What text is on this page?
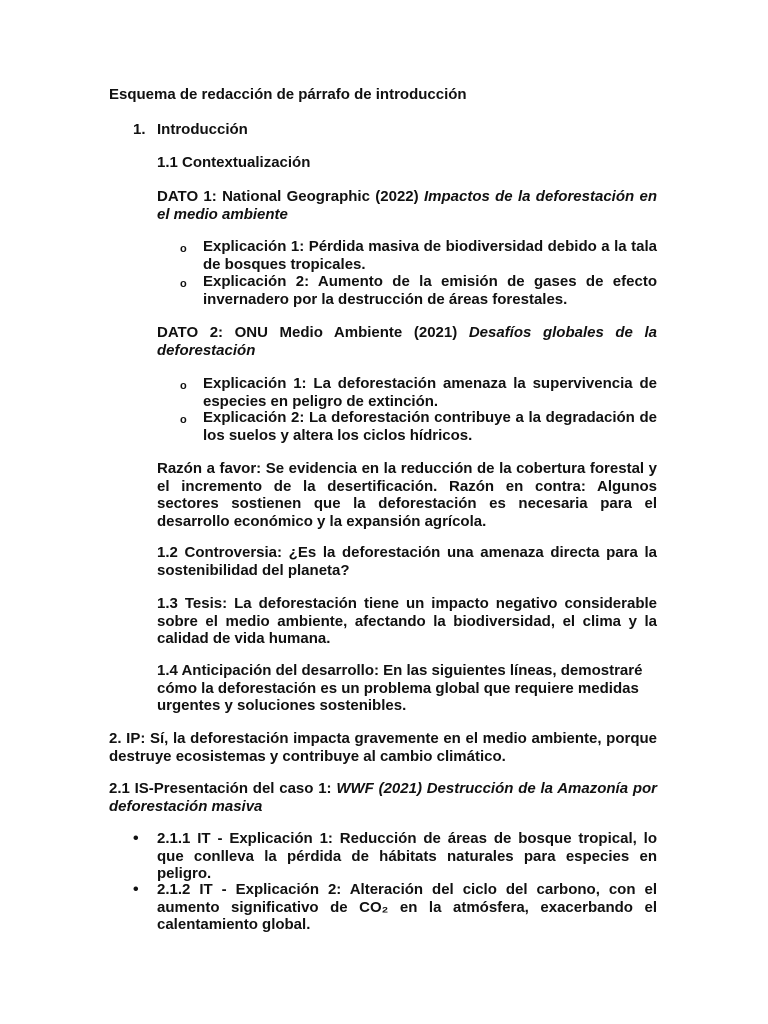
Esquema de redacción de párrafo de introducción
1. Introducción
1.1 Contextualización
DATO 1: National Geographic (2022) Impactos de la deforestación en el medio ambiente
o Explicación 1: Pérdida masiva de biodiversidad debido a la tala de bosques tropicales.
o Explicación 2: Aumento de la emisión de gases de efecto invernadero por la destrucción de áreas forestales.
DATO 2: ONU Medio Ambiente (2021) Desafíos globales de la deforestación
o Explicación 1: La deforestación amenaza la supervivencia de especies en peligro de extinción.
o Explicación 2: La deforestación contribuye a la degradación de los suelos y altera los ciclos hídricos.
Razón a favor: Se evidencia en la reducción de la cobertura forestal y el incremento de la desertificación. Razón en contra: Algunos sectores sostienen que la deforestación es necesaria para el desarrollo económico y la expansión agrícola.
1.2 Controversia: ¿Es la deforestación una amenaza directa para la sostenibilidad del planeta?
1.3 Tesis: La deforestación tiene un impacto negativo considerable sobre el medio ambiente, afectando la biodiversidad, el clima y la calidad de vida humana.
1.4 Anticipación del desarrollo: En las siguientes líneas, demostraré cómo la deforestación es un problema global que requiere medidas urgentes y soluciones sostenibles.
2. IP: Sí, la deforestación impacta gravemente en el medio ambiente, porque destruye ecosistemas y contribuye al cambio climático.
2.1 IS-Presentación del caso 1: WWF (2021) Destrucción de la Amazonía por deforestación masiva
• 2.1.1 IT - Explicación 1: Reducción de áreas de bosque tropical, lo que conlleva la pérdida de hábitats naturales para especies en peligro.
• 2.1.2 IT - Explicación 2: Alteración del ciclo del carbono, con el aumento significativo de CO₂ en la atmósfera, exacerbando el calentamiento global.
